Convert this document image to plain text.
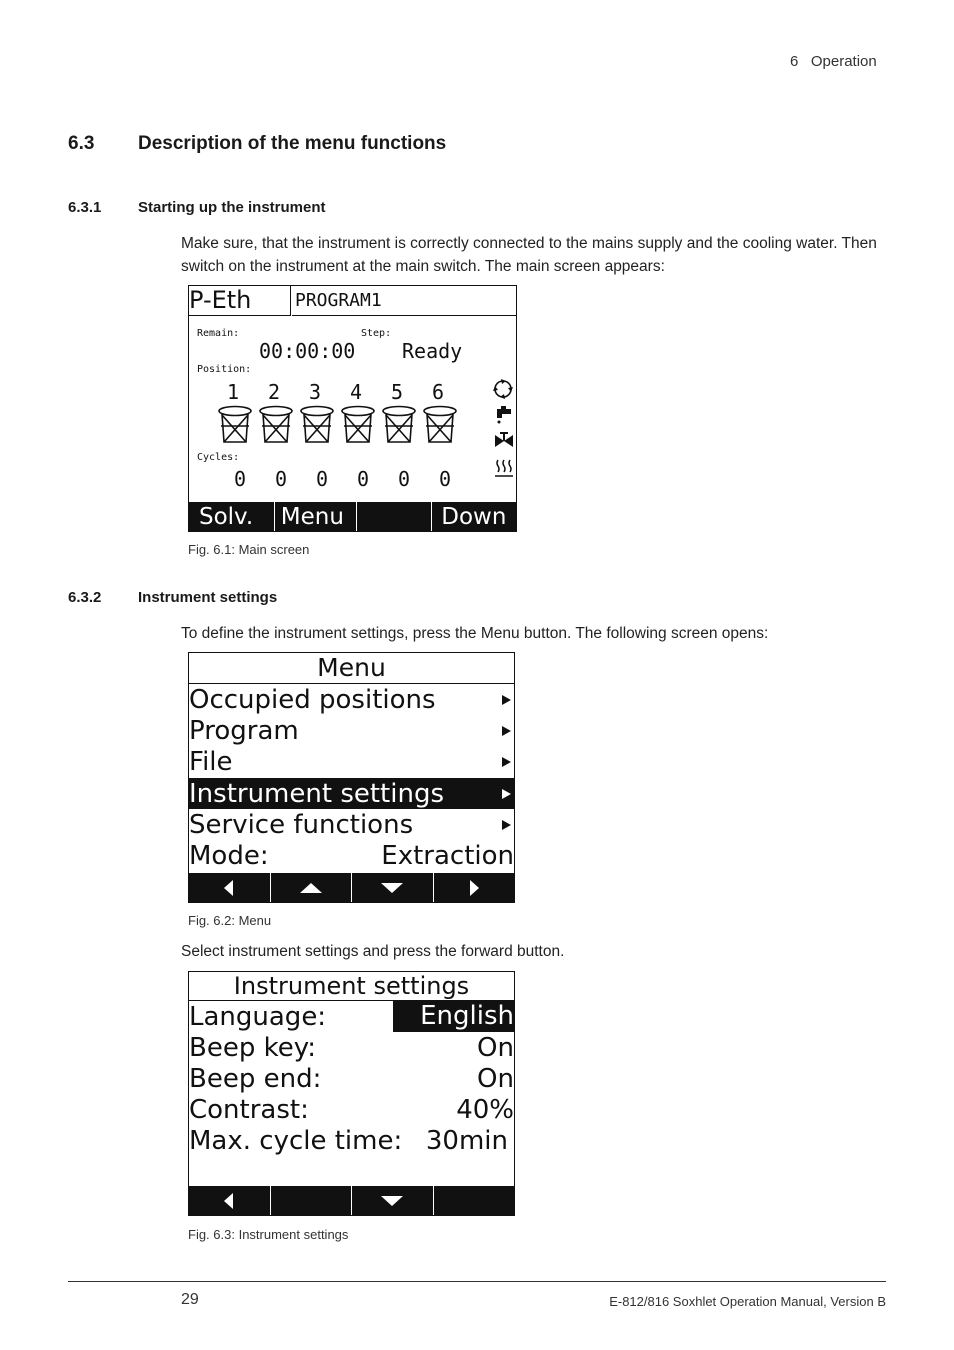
6 Operation
6.3 Description of the menu functions
6.3.1 Starting up the instrument
Make sure, that the instrument is correctly connected to the mains supply and the cooling water. Then switch on the instrument at the main switch. The main screen appears:
P-Eth	PROGRAM1
Remain:	Step:
00:00:00 Ready
Position:
1 2 3 4 5 6
Cycles:
0 0 0 0 0 0
Solv.	Menu	Down
Fig. 6.1: Main screen
6.3.2 Instrument settings
To define the instrument settings, press the Menu button. The following screen opens:
Menu
Occupied positions
Program
File
Instrument settings
Service functions
Mode:	Extraction
Fig. 6.2: Menu
Select instrument settings and press the forward button.
Instrument settings
Language:	English
Beep key:	On
Beep end:	On
Contrast:	40%
Max. cycle time: 30min
Fig. 6.3: Instrument settings
29	E-812/816 Soxhlet Operation Manual, Version B
